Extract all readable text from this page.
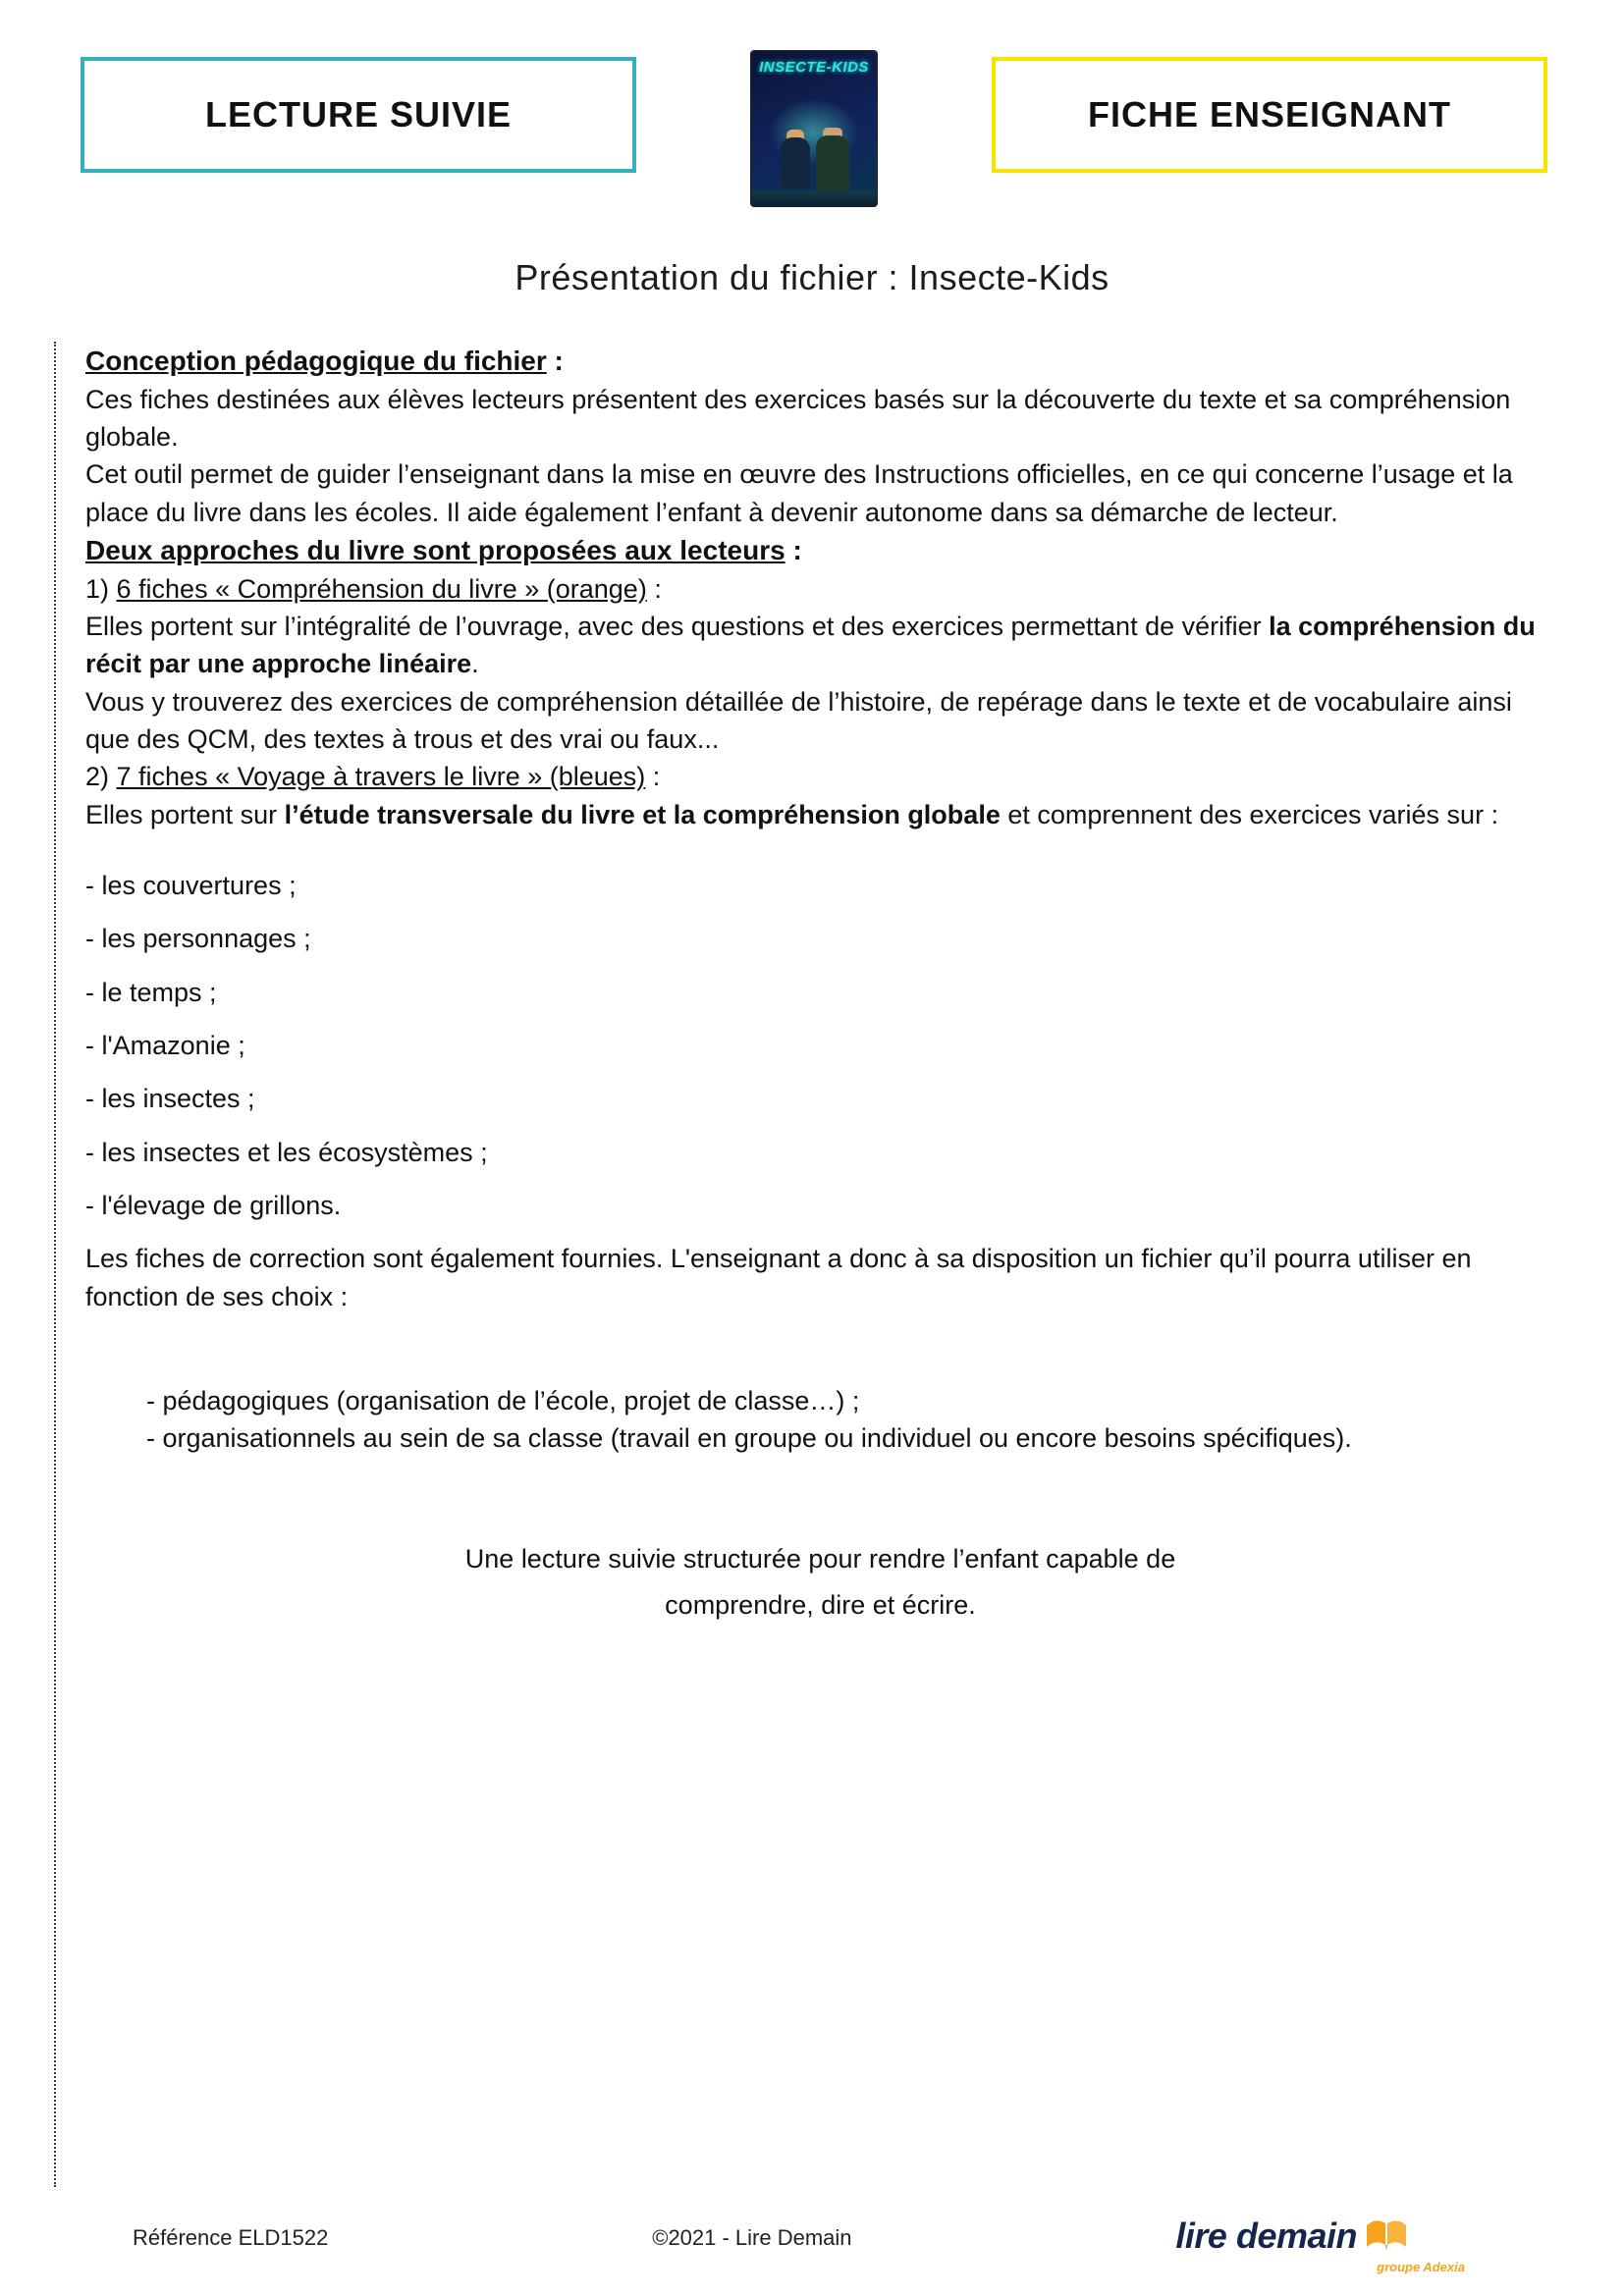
LECTURE SUIVIE
INSECTE-KIDS
FICHE ENSEIGNANT
Présentation du fichier : Insecte-Kids

Conception pédagogique du fichier :

Ces fiches destinées aux élèves lecteurs présentent des exercices basés sur la découverte du texte et sa compréhension globale.

Cet outil permet de guider l’enseignant dans la mise en œuvre des Instructions officielles, en ce qui concerne l’usage et la place du livre dans les écoles. Il aide également l’enfant à devenir autonome dans sa démarche de lecteur.

Deux approches du livre sont proposées aux lecteurs :

1) 6 fiches « Compréhension du livre » (orange) :

Elles portent sur l’intégralité de l’ouvrage, avec des questions et des exercices permettant de vérifier la compréhension du récit par une approche linéaire.

Vous y trouverez des exercices de compréhension détaillée de l’histoire, de repérage dans le texte et de vocabulaire ainsi que des QCM, des textes à trous et des vrai ou faux...

2) 7 fiches « Voyage à travers le livre » (bleues) :

Elles portent sur l’étude transversale du livre et la compréhension globale et comprennent des exercices variés sur :

- les couvertures ;

- les personnages ;

- le temps ;

- l'Amazonie ;

- les insectes ;

- les insectes et les écosystèmes ;

- l'élevage de grillons.

Les fiches de correction sont également fournies. L'enseignant a donc à sa disposition un fichier qu’il pourra utiliser en fonction de ses choix :

- pédagogiques (organisation de l’école, projet de classe…) ;

- organisationnels au sein de sa classe (travail en groupe ou individuel ou encore besoins spécifiques).

Une lecture suivie structurée pour rendre l’enfant capable de

comprendre, dire et écrire.

Référence ELD1522	©2021 - Lire Demain	lire demain
groupe Adexia
